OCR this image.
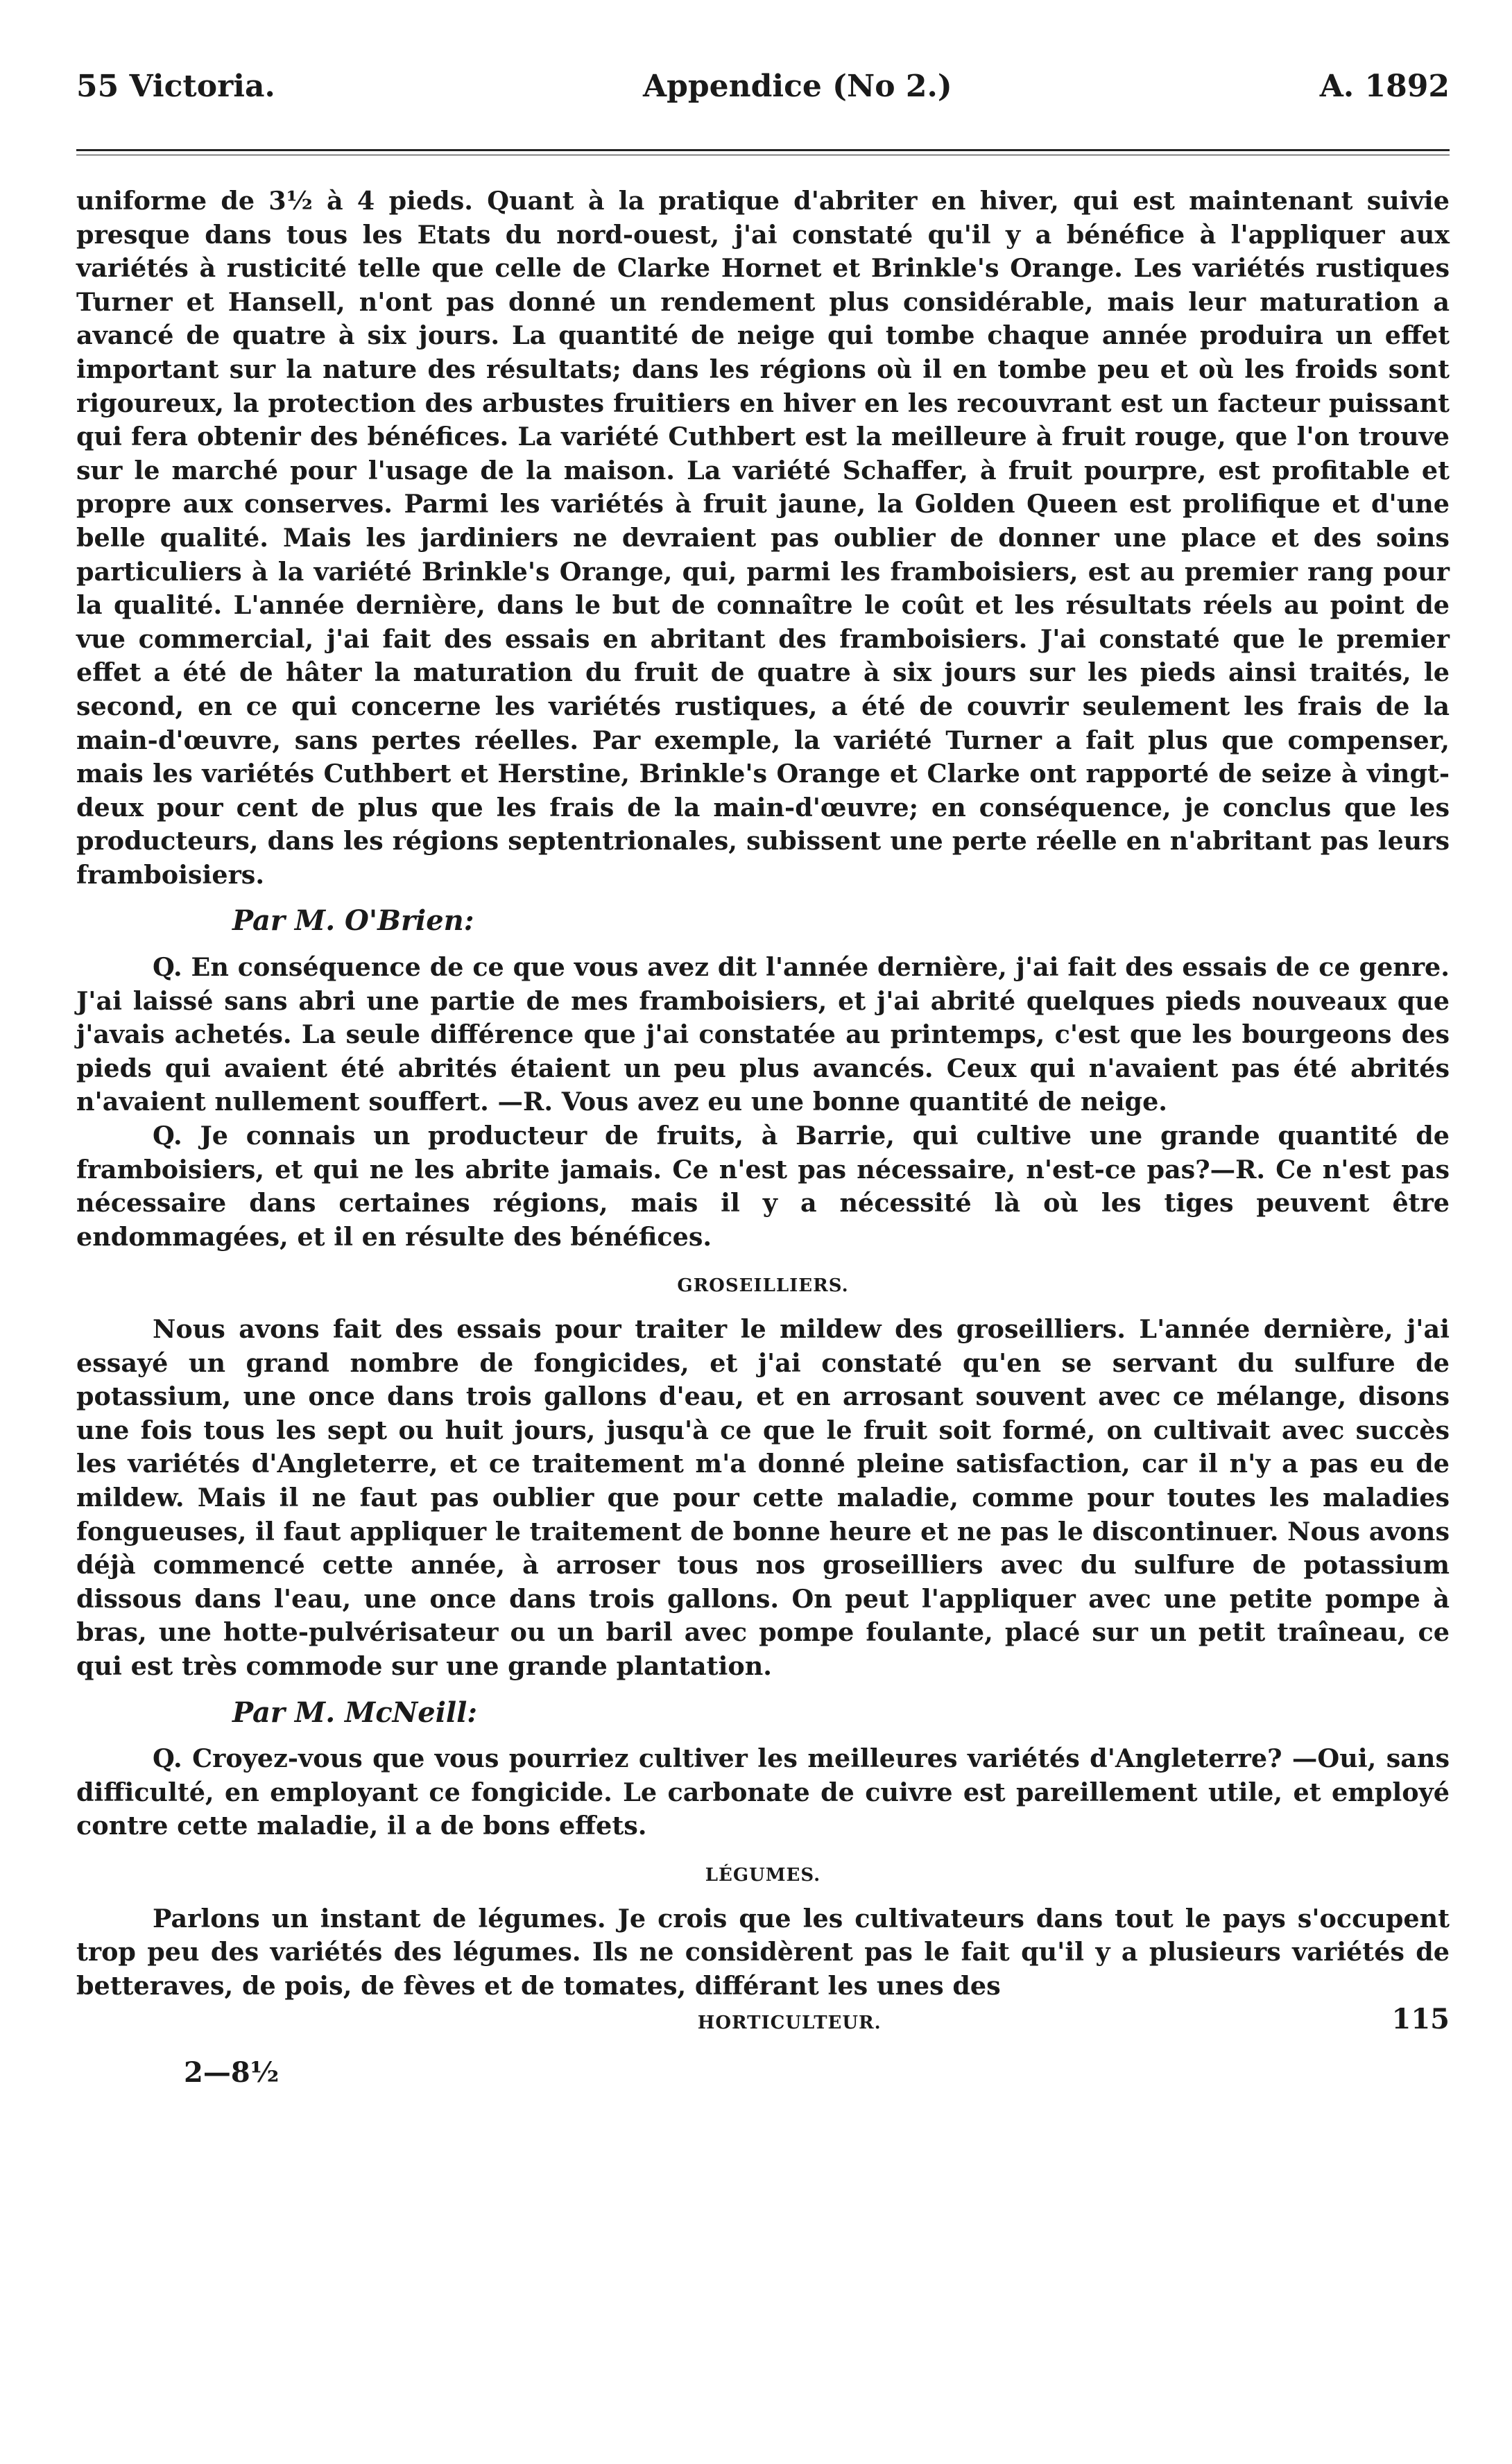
55 Victoria.	Appendice (No 2.)	A. 1892

uniforme de 3½ à 4 pieds. Quant à la pratique d'abriter en hiver, qui est maintenant suivie presque dans tous les Etats du nord-ouest, j'ai constaté qu'il y a bénéfice à l'appliquer aux variétés à rusticité telle que celle de Clarke Hornet et Brinkle's Orange. Les variétés rustiques Turner et Hansell, n'ont pas donné un rendement plus considérable, mais leur maturation a avancé de quatre à six jours. La quantité de neige qui tombe chaque année produira un effet important sur la nature des résultats; dans les régions où il en tombe peu et où les froids sont rigoureux, la protection des arbustes fruitiers en hiver en les recouvrant est un facteur puissant qui fera obtenir des bénéfices. La variété Cuthbert est la meilleure à fruit rouge, que l'on trouve sur le marché pour l'usage de la maison. La variété Schaffer, à fruit pourpre, est profitable et propre aux conserves. Parmi les variétés à fruit jaune, la Golden Queen est prolifique et d'une belle qualité. Mais les jardiniers ne devraient pas oublier de donner une place et des soins particuliers à la variété Brinkle's Orange, qui, parmi les framboisiers, est au premier rang pour la qualité. L'année dernière, dans le but de connaître le coût et les résultats réels au point de vue commercial, j'ai fait des essais en abritant des framboisiers. J'ai constaté que le premier effet a été de hâter la maturation du fruit de quatre à six jours sur les pieds ainsi traités, le second, en ce qui concerne les variétés rustiques, a été de couvrir seulement les frais de la main-d'œuvre, sans pertes réelles. Par exemple, la variété Turner a fait plus que compenser, mais les variétés Cuthbert et Herstine, Brinkle's Orange et Clarke ont rapporté de seize à vingt-deux pour cent de plus que les frais de la main-d'œuvre; en conséquence, je conclus que les producteurs, dans les régions septentrionales, subissent une perte réelle en n'abritant pas leurs framboisiers.

Par M. O'Brien:

Q. En conséquence de ce que vous avez dit l'année dernière, j'ai fait des essais de ce genre. J'ai laissé sans abri une partie de mes framboisiers, et j'ai abrité quelques pieds nouveaux que j'avais achetés. La seule différence que j'ai constatée au printemps, c'est que les bourgeons des pieds qui avaient été abrités étaient un peu plus avancés. Ceux qui n'avaient pas été abrités n'avaient nullement souffert. —R. Vous avez eu une bonne quantité de neige.

Q. Je connais un producteur de fruits, à Barrie, qui cultive une grande quantité de framboisiers, et qui ne les abrite jamais. Ce n'est pas nécessaire, n'est-ce pas?—R. Ce n'est pas nécessaire dans certaines régions, mais il y a nécessité là où les tiges peuvent être endommagées, et il en résulte des bénéfices.

GROSEILLIERS.

Nous avons fait des essais pour traiter le mildew des groseilliers. L'année dernière, j'ai essayé un grand nombre de fongicides, et j'ai constaté qu'en se servant du sulfure de potassium, une once dans trois gallons d'eau, et en arrosant souvent avec ce mélange, disons une fois tous les sept ou huit jours, jusqu'à ce que le fruit soit formé, on cultivait avec succès les variétés d'Angleterre, et ce traitement m'a donné pleine satisfaction, car il n'y a pas eu de mildew. Mais il ne faut pas oublier que pour cette maladie, comme pour toutes les maladies fongueuses, il faut appliquer le traitement de bonne heure et ne pas le discontinuer. Nous avons déjà commencé cette année, à arroser tous nos groseilliers avec du sulfure de potassium dissous dans l'eau, une once dans trois gallons. On peut l'appliquer avec une petite pompe à bras, une hotte-pulvérisateur ou un baril avec pompe foulante, placé sur un petit traîneau, ce qui est très commode sur une grande plantation.

Par M. McNeill:

Q. Croyez-vous que vous pourriez cultiver les meilleures variétés d'Angleterre? —Oui, sans difficulté, en employant ce fongicide. Le carbonate de cuivre est pareillement utile, et employé contre cette maladie, il a de bons effets.

LÉGUMES.

Parlons un instant de légumes. Je crois que les cultivateurs dans tout le pays s'occupent trop peu des variétés des légumes. Ils ne considèrent pas le fait qu'il y a plusieurs variétés de betteraves, de pois, de fèves et de tomates, différant les unes des

HORTICULTEUR.	115
2—8½
